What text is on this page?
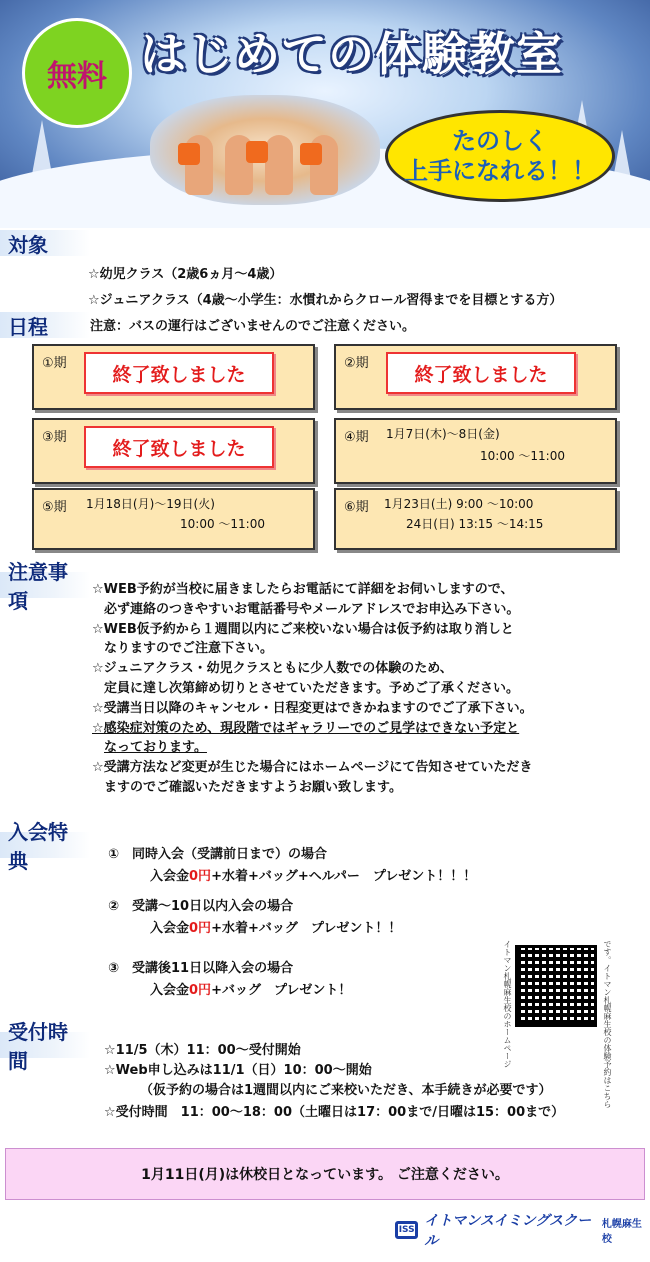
無料 はじめての体験教室
たのしく
上手になれる！！
対象
☆幼児クラス（2歳6ヵ月〜4歳）
☆ジュニアクラス（4歳〜小学生：水慣れからクロール習得までを目標とする方）
日程	注意：バスの運行はございませんのでご注意ください。
①期	終了致しました	②期	終了致しました
③期	終了致しました	④期 1月7日(木)〜8日(金)
10:00 〜11:00
⑤期 1月18日(月)〜19日(火)
10:00 〜11:00
⑥期 1月23日(土) 9:00 〜10:00
24日(日) 13:15 〜14:15
注意事項	☆WEB予約が当校に届きましたらお電話にて詳細をお伺いしますので、

必ず連絡のつきやすいお電話番号やメールアドレスでお申込み下さい。

☆WEB仮予約から１週間以内にご来校いない場合は仮予約は取り消しと

なりますのでご注意下さい。

☆ジュニアクラス・幼児クラスともに少人数での体験のため、

定員に達し次第締め切りとさせていただきます。予めご了承ください。

☆受講当日以降のキャンセル・日程変更はできかねますのでご了承下さい。

☆感染症対策のため、現段階ではギャラリーでのご見学はできない予定と

なっております。

☆受講方法など変更が生じた場合にはホームページにて告知させていただき

ますのでご確認いただきますようお願い致します。

入会特典	①　同時入会（受講前日まで）の場合
入会金0円+水着+バッグ+ヘルパー　プレゼント！！！
②　受講〜10日以内入会の場合
入会金0円+水着+バッグ　プレゼント！！
③　受講後11日以降入会の場合
入会金0円+バッグ　プレゼント！	イトマン札幌麻生校のホームページ	です。イトマン札幌麻生校の体験予約はこちら
受付時間	☆11/5（木）11：00〜受付開始
☆Web申し込みは11/1（日）10：00〜開始
（仮予約の場合は1週間以内にご来校いただき、本手続きが必要です）
☆受付時間　11：00〜18：00（土曜日は17：00まで/日曜は15：00まで）
1月11日(月)は休校日となっています。 ご注意ください。
ISS
イトマンスイミングスクール
札幌麻生校
